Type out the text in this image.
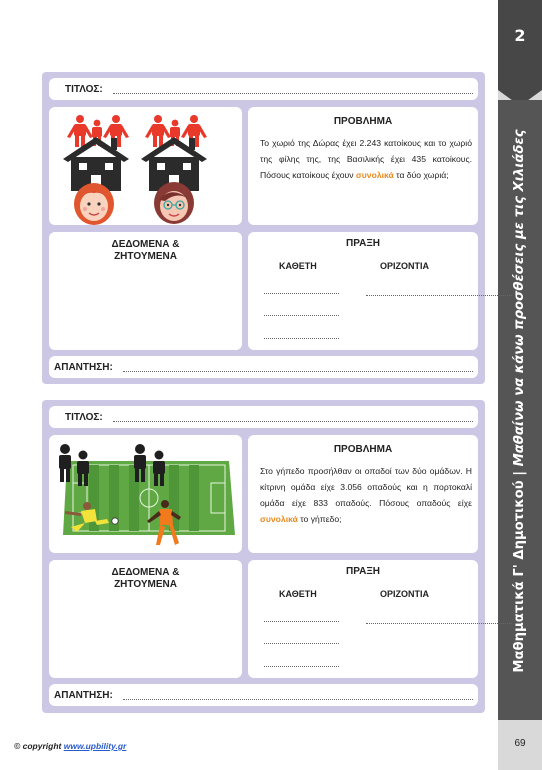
2
Μαθηματικά Γ' Δημοτικού | Μαθαίνω να κάνω προσθέσεις με τις Χιλιάδες
69
ΤΙΤΛΟΣ:
ΠΡΟΒΛΗΜΑ
Το χωριό της Δώρας έχει 2.243 κατοίκους και το χωριό της φίλης της, της Βασιλικής έχει 435 κατοίκους. Πόσους κατοίκους έχουν συνολικά τα δύο χωριά;
ΔΕΔΟΜΕΝΑ &
ΖΗΤΟΥΜΕΝΑ
ΠΡΑΞΗ
ΚΑΘΕΤΗ	ΟΡΙΖΟΝΤΙΑ
ΑΠΑΝΤΗΣΗ:
ΤΙΤΛΟΣ:
ΠΡΟΒΛΗΜΑ
Στο γήπεδο προσήλθαν οι οπαδοί των δύο ομάδων. Η κίτρινη ομάδα είχε 3.056 οπαδούς και η πορτοκαλί ομάδα είχε 833 οπαδούς. Πόσους οπαδούς είχε συνολικά το γήπεδο;
ΔΕΔΟΜΕΝΑ &
ΖΗΤΟΥΜΕΝΑ
ΠΡΑΞΗ
ΚΑΘΕΤΗ	ΟΡΙΖΟΝΤΙΑ
ΑΠΑΝΤΗΣΗ:
© copyright www.upbility.gr
